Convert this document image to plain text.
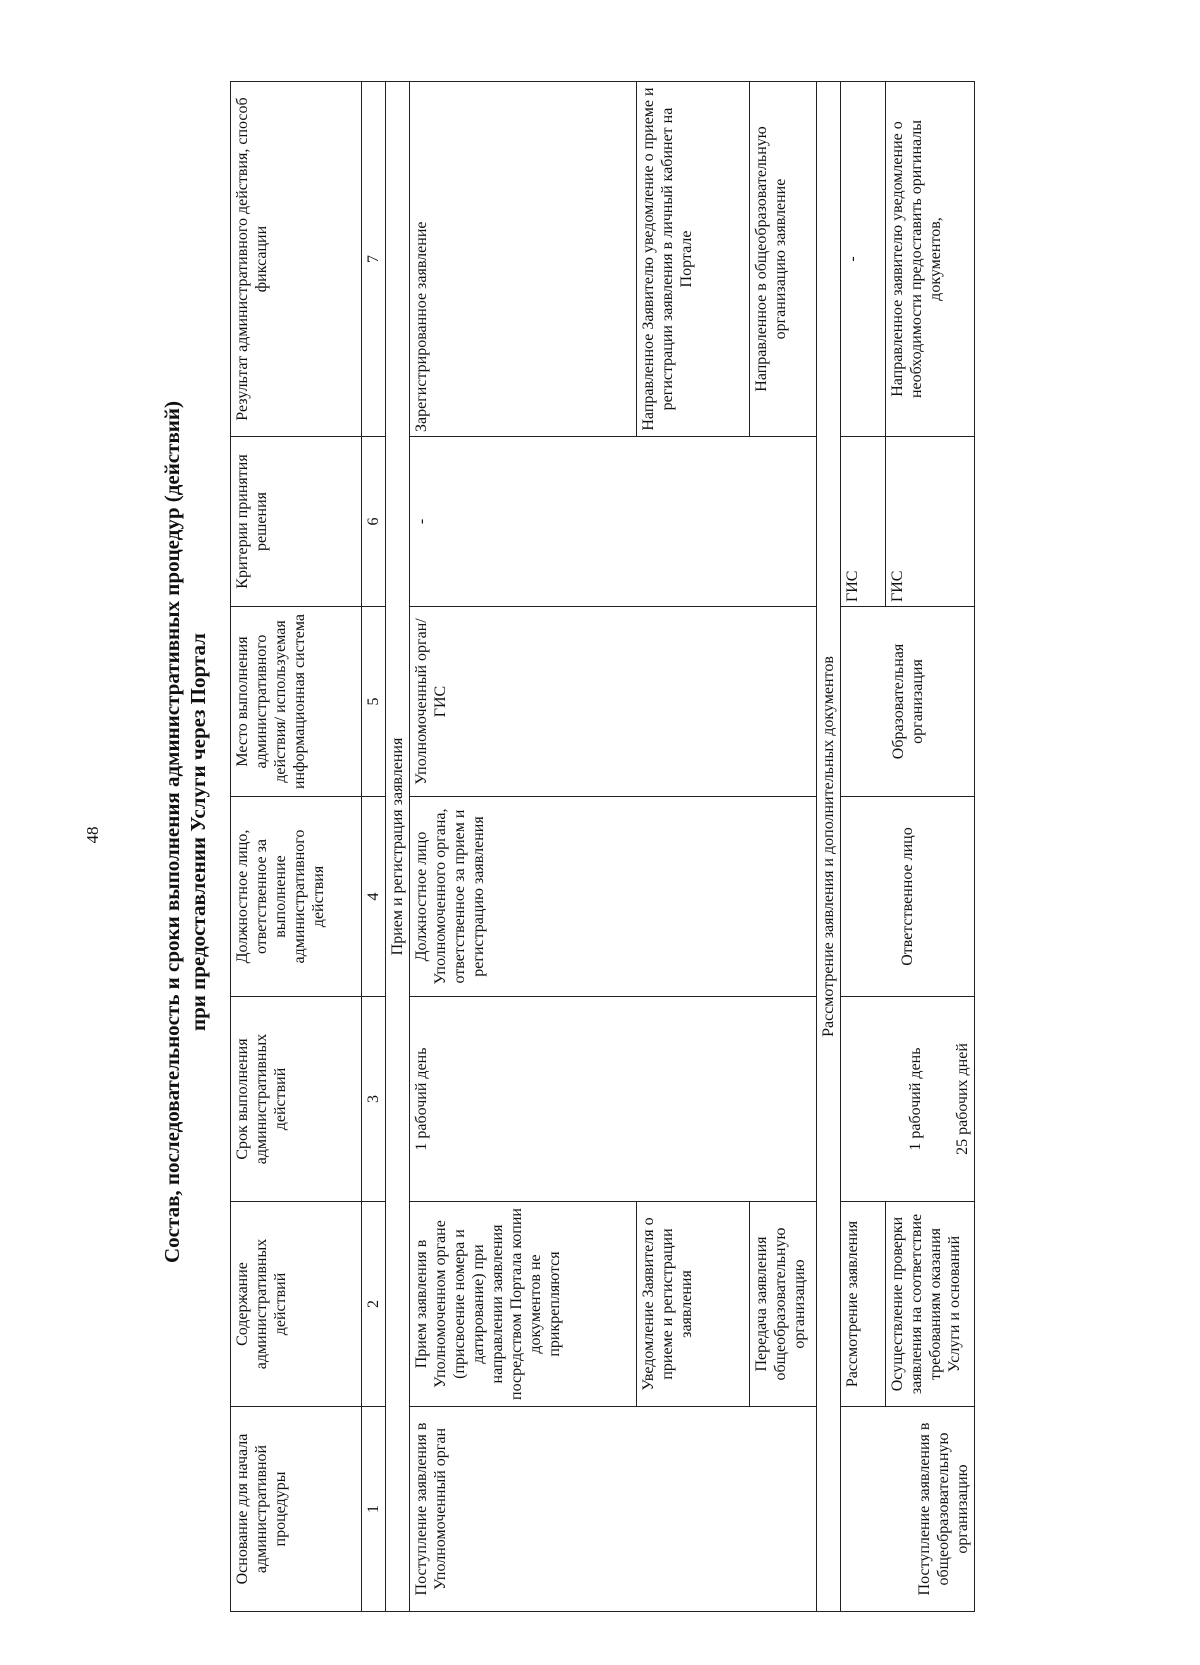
48	Состав, последовательность и сроки выполнения административных процедур (действий) при предоставлении Услуги через Портал
Основание для начала административной процедуры	Содержание административных действий	Срок выполнения административных действий	Должностное лицо, ответственное за выполнение административного действия	Место выполнения административного действия/ используемая информационная система	Критерии принятия решения	Результат административного действия, способ фиксации
1	2	3	4	5	6	7
Прием и регистрация заявления						
Поступление заявления в Уполномоченный орган	Прием заявления в Уполномоченном органе (присвоение номера и датирование) при направлении заявления посредством Портала копии документов не прикрепляются	1 рабочий день	Должностное лицо Уполномоченного органа, ответственное за прием и регистрацию заявления	Уполномоченный орган/ГИС	-	Зарегистрированное заявление
	Уведомление Заявителя о приеме и регистрации заявления					Направленное Заявителю уведомление о приеме и регистрации заявления в личный кабинет на Портале
	Передача заявления общеобразовательную организацию					Направленное в общеобразовательную организацию заявление
Рассмотрение заявления и дополнительных документов						
Поступление заявления в общеобразовательную организацию	Рассмотрение заявления	1 рабочий день 25 рабочих дней	Ответственное лицо	Образовательная организация	ГИС	-
	Осуществление проверки заявления на соответствие требованиям оказания Услуги и оснований				ГИС	Направленное заявителю уведомление о необходимости предоставить оригиналы документов,
